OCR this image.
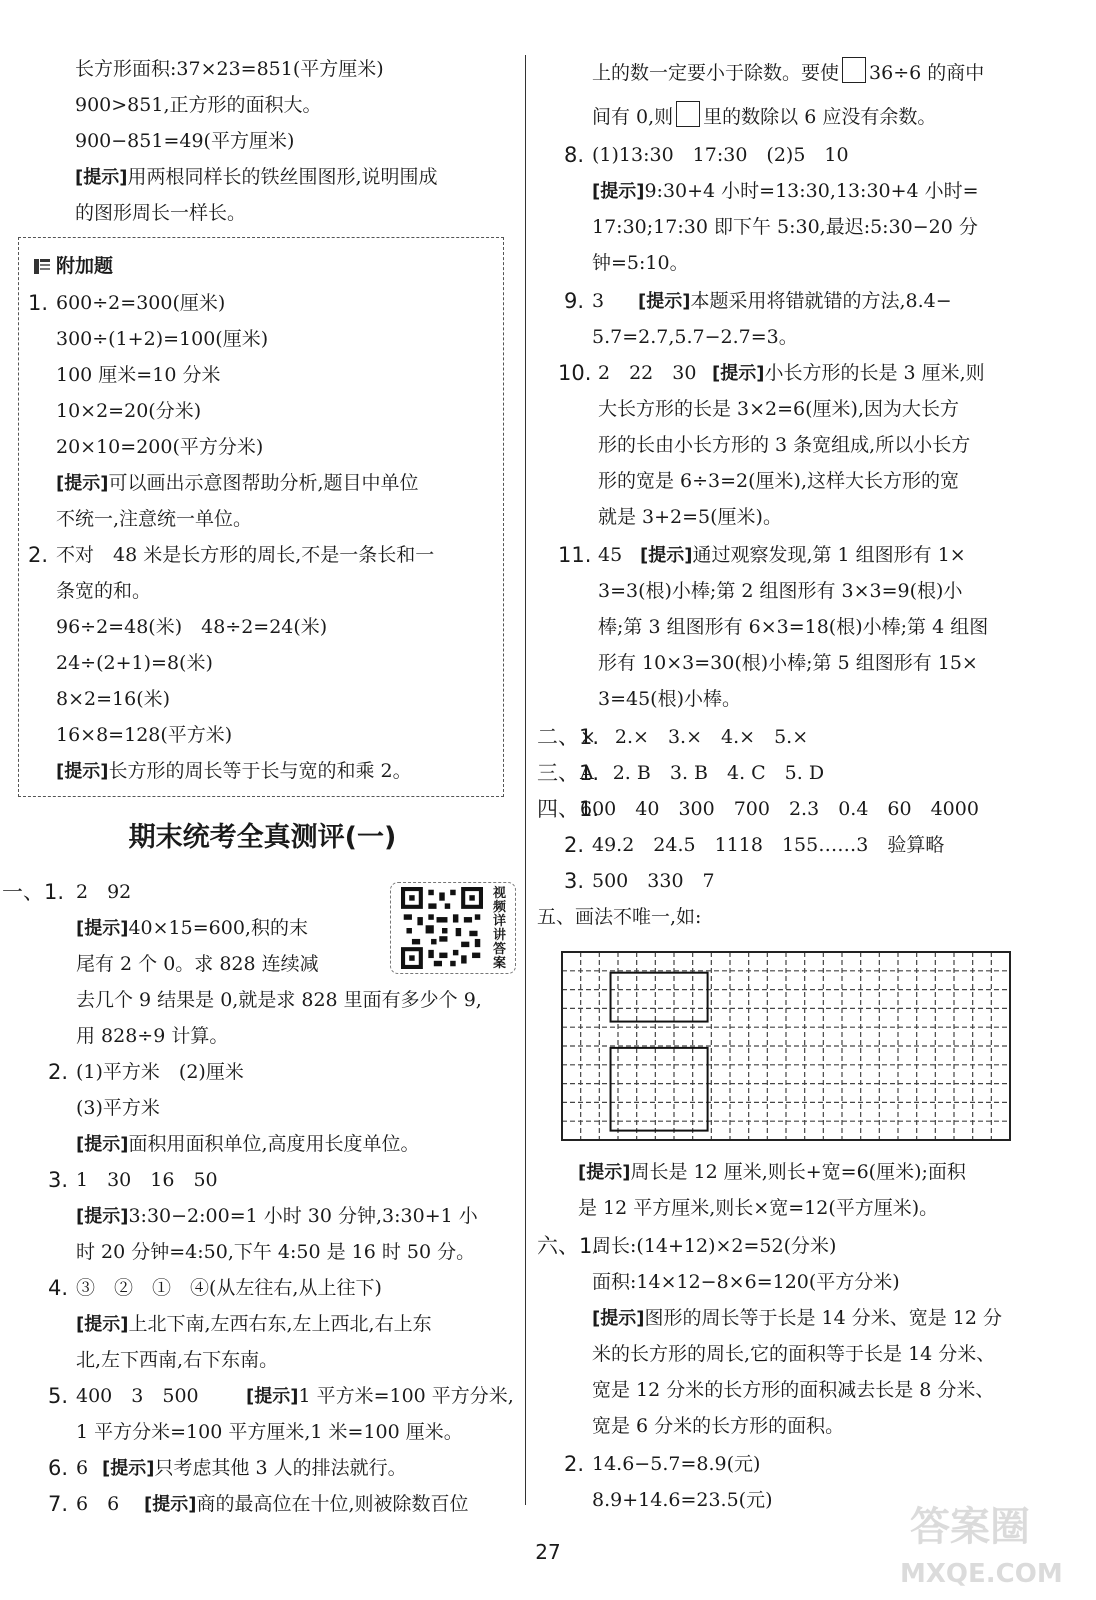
长方形面积:37×23=851(平方厘米)
900>851,正方形的面积大。
900−851=49(平方厘米)
[提示]用两根同样长的铁丝围图形,说明围成
的图形周长一样长。
1. 600÷2=300(厘米)
300÷(1+2)=100(厘米)
100 厘米=10 分米
10×2=20(分米)
20×10=200(平方分米)
[提示]可以画出示意图帮助分析,题目中单位
不统一,注意统一单位。
2. 不对　48 米是长方形的周长,不是一条长和一
条宽的和。
96÷2=48(米)　48÷2=24(米)
24÷(2+1)=8(米)
8×2=16(米)
16×8=128(平方米)
[提示]长方形的周长等于长与宽的和乘 2。
一、1. 2　92
[提示]40×15=600,积的末
尾有 2 个 0。求 828 连续减
去几个 9 结果是 0,就是求 828 里面有多少个 9,
用 828÷9 计算。
2. (1)平方米　(2)厘米
(3)平方米
[提示]面积用面积单位,高度用长度单位。
3. 1　30　16　50
[提示]3:30−2:00=1 小时 30 分钟,3:30+1 小
时 20 分钟=4:50,下午 4:50 是 16 时 50 分。
4. ③　②　①　④(从左往右,从上往下)
[提示]上北下南,左西右东,左上西北,右上东
北,左下西南,右下东南。
5. 400　3　500　
1 平方分米=100 平方厘米,1 米=100 厘米。
6. 6　
7. 6　6　
[提示]1 平方米=100 平方分米,
[提示]只考虑其他 3 人的排法就行。
[提示]商的最高位在十位,则被除数百位
上的数一定要小于除数。要使 36÷6 的商中
间有 0,则 里的数除以 6 应没有余数。
8. (1)13:30　17:30　(2)5　10
[提示]9:30+4 小时=13:30,13:30+4 小时=
17:30;17:30 即下午 5:30,最迟:5:30−20 分
钟=5:10。
9. 3　
5.7=2.7,5.7−2.7=3。
10. 2　22　30　
大长方形的长是 3×2=6(厘米),因为大长方
形的长由小长方形的 3 条宽组成,所以小长方
形的宽是 6÷3=2(厘米),这样大长方形的宽
就是 3+2=5(厘米)。
11. 45　
3=3(根)小棒;第 2 组图形有 3×3=9(根)小
棒;第 3 组图形有 6×3=18(根)小棒;第 4 组图
形有 10×3=30(根)小棒;第 5 组图形有 15×
3=45(根)小棒。
二、1.
×　2.×　3.×　4.×　5.×
三、1.
A　2. B　3. B　4. C　5. D
四、1.
600　40　300　700　2.3　0.4　60　4000
2. 49.2　24.5　1118　155……3　验算略
3. 500　330　7
五、画法不唯一,如:
[提示]周长是 12 厘米,则长+宽=6(厘米);面积
是 12 平方厘米,则长×宽=12(平方厘米)。
六、1.
周长:(14+12)×2=52(分米)
面积:14×12−8×6=120(平方分米)
[提示]图形的周长等于长是 14 分米、宽是 12 分
米的长方形的周长,它的面积等于长是 14 分米、
宽是 12 分米的长方形的面积减去长是 8 分米、
宽是 6 分米的长方形的面积。
2. 14.6−5.7=8.9(元)
8.9+14.6=23.5(元)
[提示]本题采用将错就错的方法,8.4−
[提示]小长方形的长是 3 厘米,则
[提示]通过观察发现,第 1 组图形有 1×
附加题
期末统考全真测评(一)
视频详讲答案
27
答案圈
MXQE.COM
